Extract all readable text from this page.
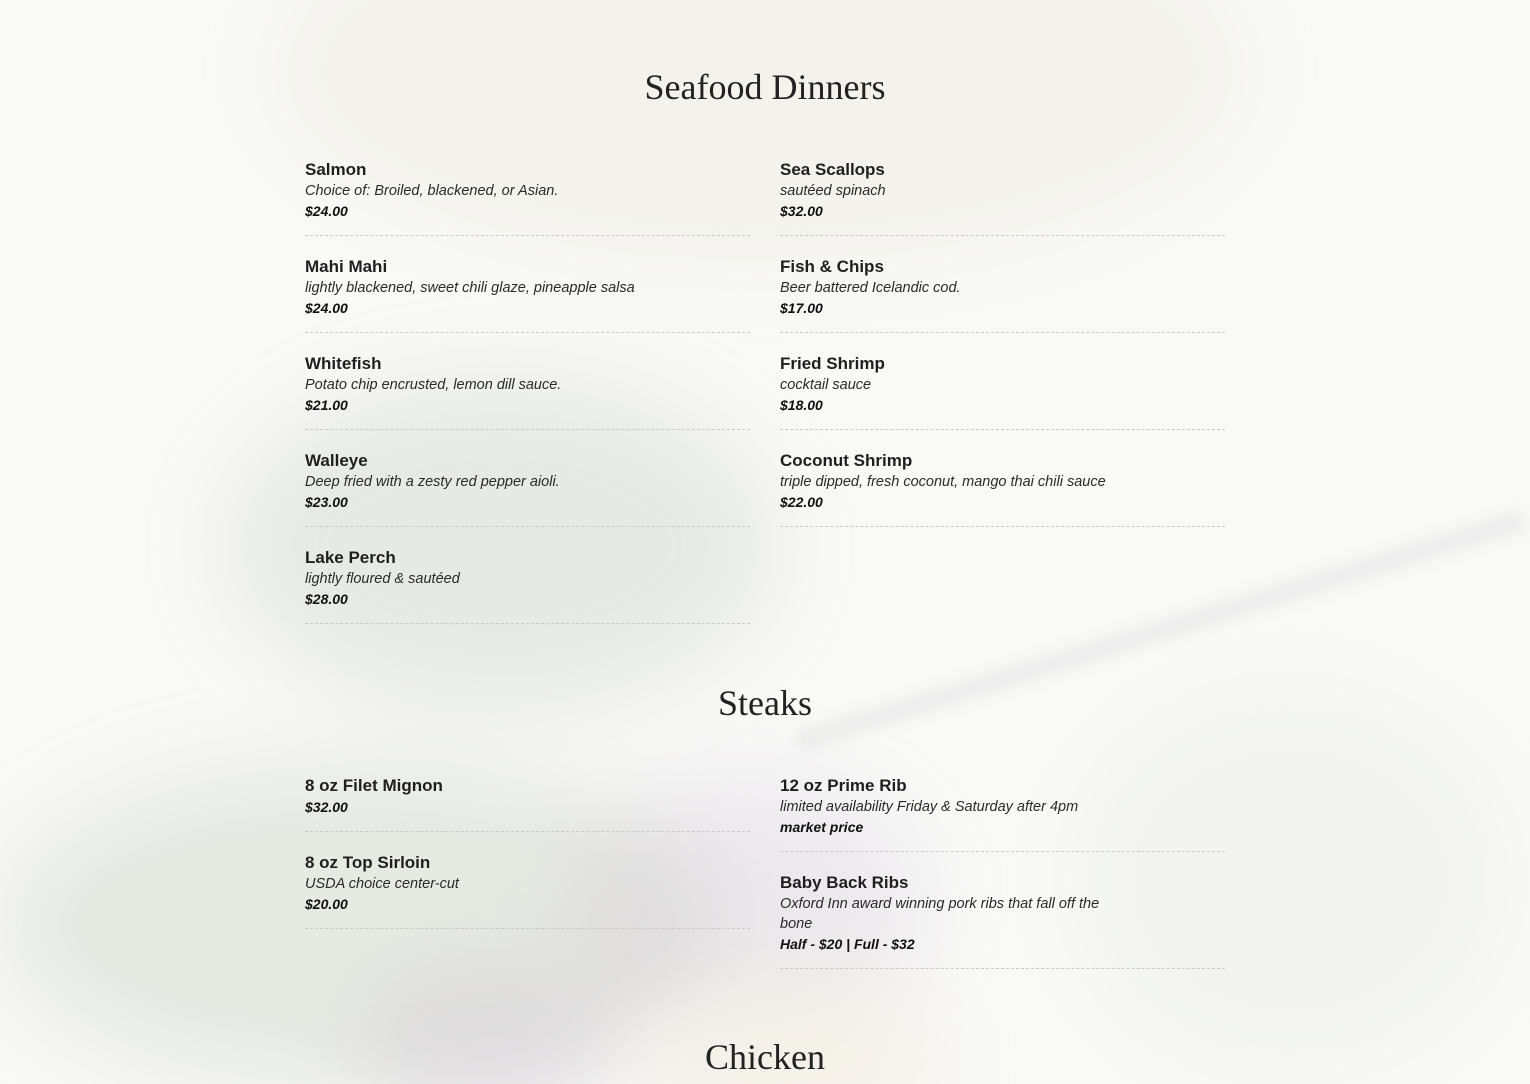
Seafood Dinners
Salmon
Choice of: Broiled, blackened, or Asian.
$24.00
Mahi Mahi
lightly blackened, sweet chili glaze, pineapple salsa
$24.00
Whitefish
Potato chip encrusted, lemon dill sauce.
$21.00
Walleye
Deep fried with a zesty red pepper aioli.
$23.00
Lake Perch
lightly floured & sautéed
$28.00
Sea Scallops
sautéed spinach
$32.00
Fish & Chips
Beer battered Icelandic cod.
$17.00
Fried Shrimp
cocktail sauce
$18.00
Coconut Shrimp
triple dipped, fresh coconut, mango thai chili sauce
$22.00
Steaks
8 oz Filet Mignon
$32.00
8 oz Top Sirloin
USDA choice center-cut
$20.00
12 oz Prime Rib
limited availability Friday & Saturday after 4pm
market price
Baby Back Ribs
Oxford Inn award winning pork ribs that fall off the bone
Half - $20 | Full - $32
Chicken
